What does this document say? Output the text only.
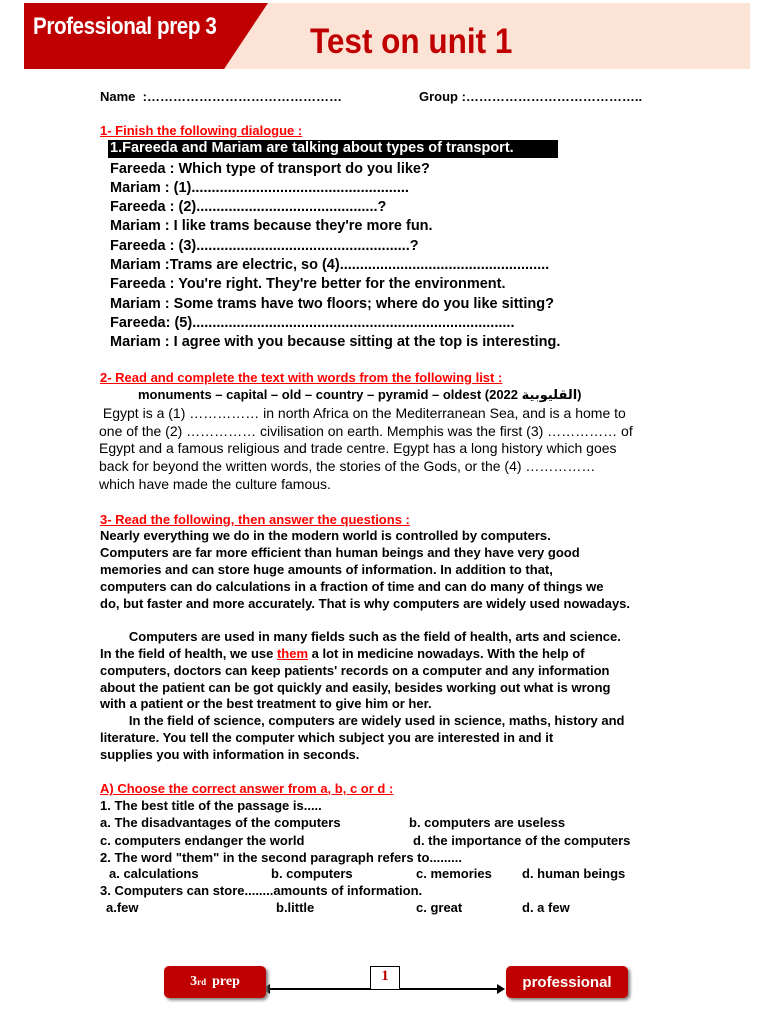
Professional prep 3	Test on unit 1
Name  :………………………………………	Group :…………………………………..
1- Finish the following dialogue :
1.Fareeda and Mariam are talking about types of transport.
Fareeda : Which type of transport do you like?
Mariam : (1)......................................................
Fareeda : (2).............................................?
Mariam : I like trams because they're more fun.
Fareeda : (3).....................................................?
Mariam :Trams are electric, so (4)....................................................
Fareeda : You're right. They're better for the environment.
Mariam : Some trams have two floors; where do you like sitting?
Fareeda: (5)................................................................................
Mariam : I agree with you because sitting at the top is interesting.
2- Read and complete the text with words from the following list :
monuments – capital – old – country – pyramid – oldest (2022 القليوبية)
Egypt is a (1) …………… in north Africa on the Mediterranean Sea, and is a home to
one of the (2) …………… civilisation on earth. Memphis was the first (3) …………… of
Egypt and a famous religious and trade centre. Egypt has a long history which goes
back for beyond the written words, the stories of the Gods, or the (4) ……………
which have made the culture famous.
3- Read the following, then answer the questions :
Nearly everything we do in the modern world is controlled by computers.
Computers are far more efficient than human beings and they have very good
memories and can store huge amounts of information. In addition to that,
computers can do calculations in a fraction of time and can do many of things we
do, but faster and more accurately. That is why computers are widely used nowadays.
Computers are used in many fields such as the field of health, arts and science.
In the field of health, we use them a lot in medicine nowadays. With the help of
computers, doctors can keep patients' records on a computer and any information
about the patient can be got quickly and easily, besides working out what is wrong
with a patient or the best treatment to give him or her.
In the field of science, computers are widely used in science, maths, history and
literature. You tell the computer which subject you are interested in and it
supplies you with information in seconds.
A) Choose the correct answer from a, b, c or d :
1. The best title of the passage is.....
a. The disadvantages of the computers	b. computers are useless
c. computers endanger the world	d. the importance of the computers
2. The word "them" in the second paragraph refers to.........
a. calculations	b. computers	c. memories d. human beings
3. Computers can store........amounts of information.
a.few	b.little	c. great	d. a few
3 rd prep	1	professional
